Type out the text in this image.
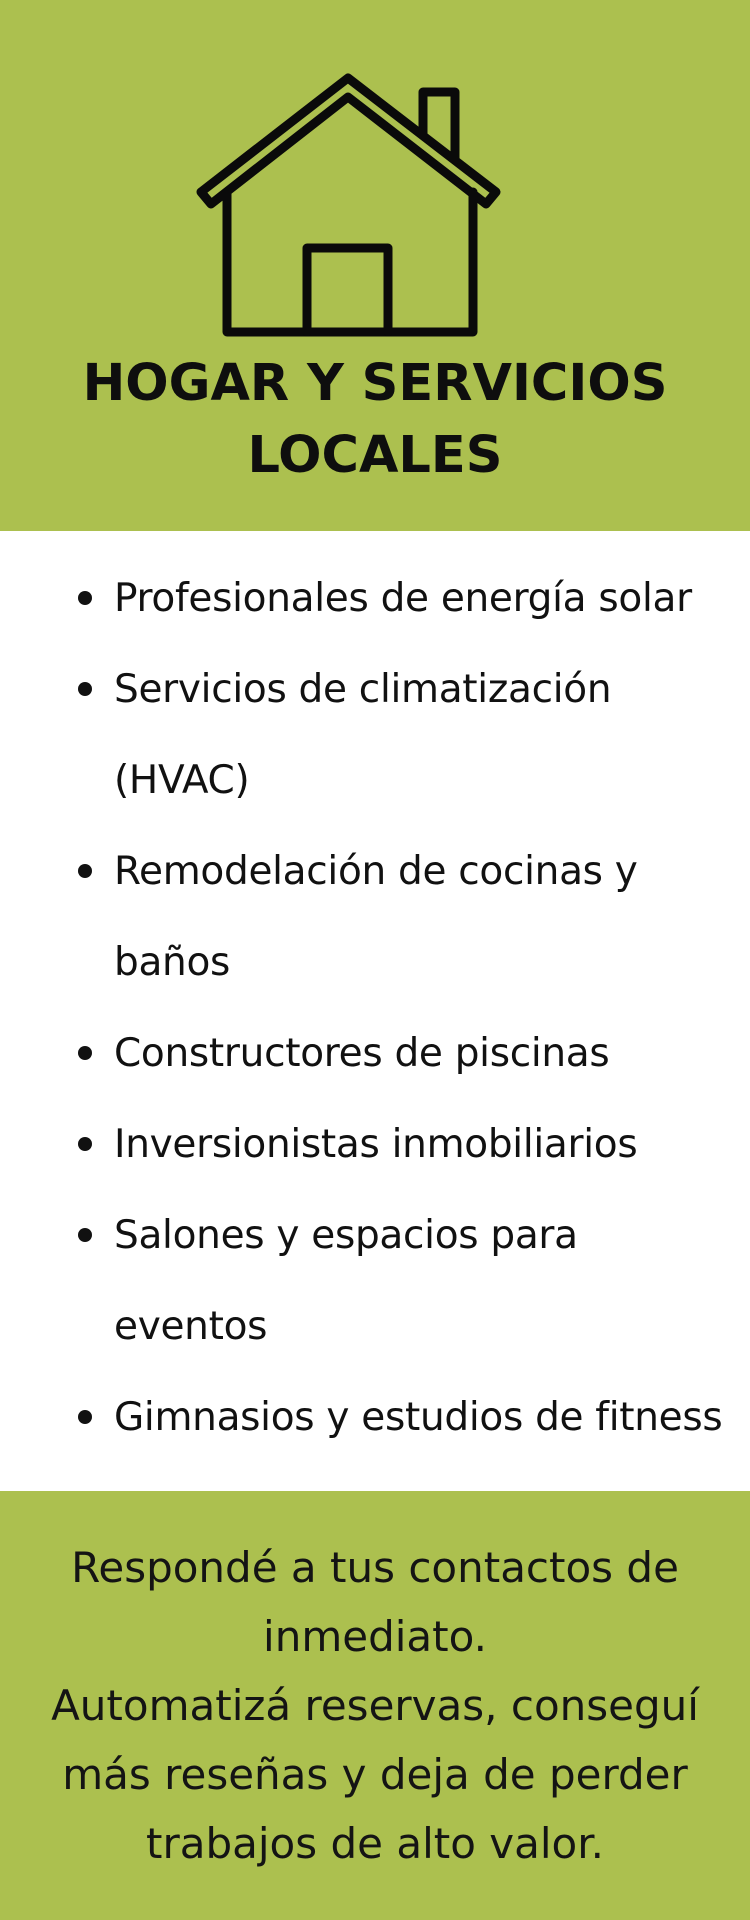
HOGAR Y SERVICIOS
LOCALES
Profesionales de energía solar
Servicios de climatización
(HVAC)
Remodelación de cocinas y
baños
Constructores de piscinas
Inversionistas inmobiliarios
Salones y espacios para
eventos
Gimnasios y estudios de fitness
Respondé a tus contactos de
inmediato.
Automatizá reservas, conseguí
más reseñas y deja de perder
trabajos de alto valor.
